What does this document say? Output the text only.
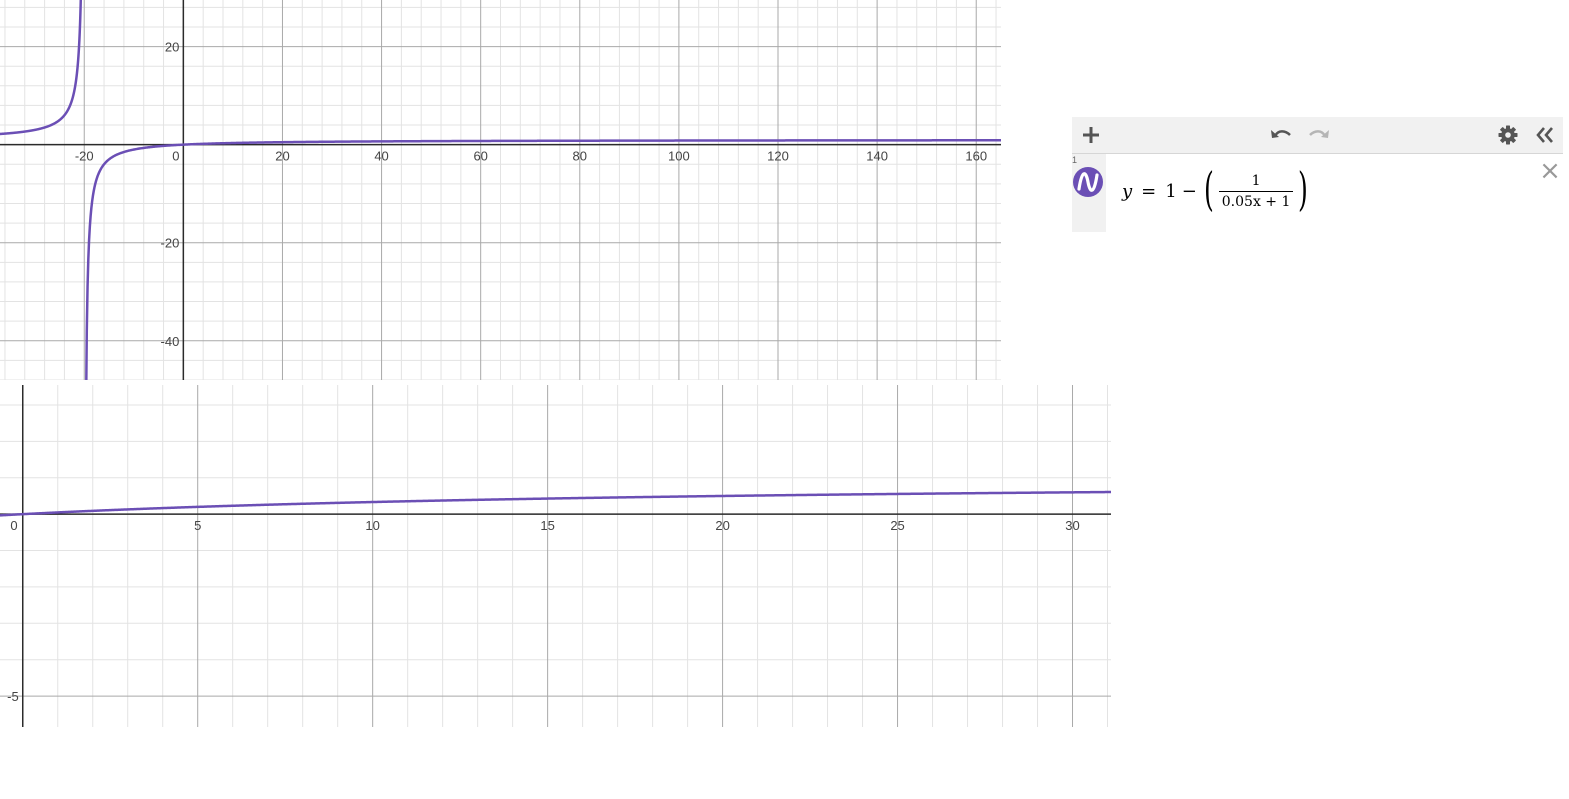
-20	0	20	40	60	80	100	120	140	160
20
-20
-40
0	5	10	15	20	25	30
-5
1
y = 1 − ( $\frac{1}{0.05x + 1}$ )	×
